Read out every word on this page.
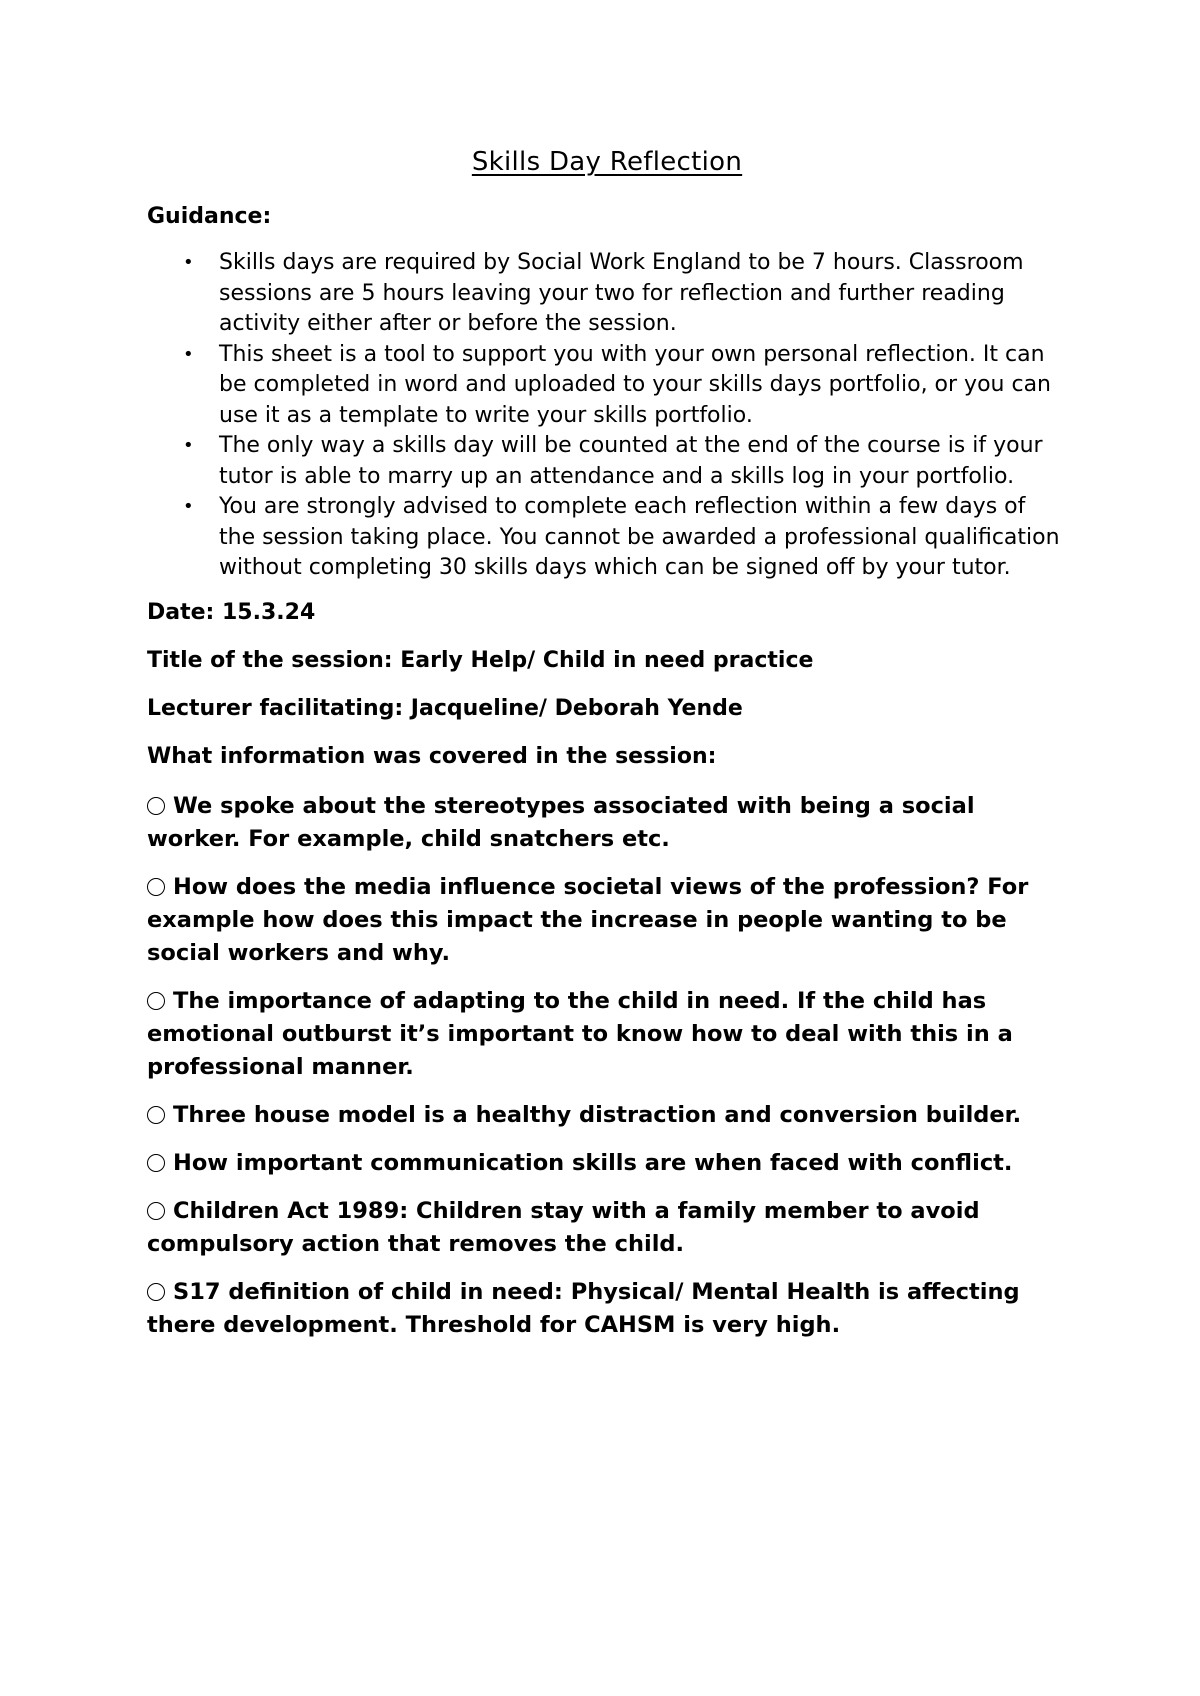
Skills Day Reflection
Guidance:
•	Skills days are required by Social Work England to be 7 hours. Classroom sessions are 5 hours leaving your two for reflection and further reading activity either after or before the session.
•	This sheet is a tool to support you with your own personal reflection. It can be completed in word and uploaded to your skills days portfolio, or you can use it as a template to write your skills portfolio.
•	The only way a skills day will be counted at the end of the course is if your tutor is able to marry up an attendance and a skills log in your portfolio.
•	You are strongly advised to complete each reflection within a few days of the session taking place. You cannot be awarded a professional qualification without completing 30 skills days which can be signed off by your tutor.
Date: 15.3.24
Title of the session: Early Help/ Child in need practice
Lecturer facilitating: Jacqueline/ Deborah Yende
What information was covered in the session:
We spoke about the stereotypes associated with being a social worker. For example, child snatchers etc.
How does the media influence societal views of the profession? For example how does this impact the increase in people wanting to be social workers and why.
The importance of adapting to the child in need. If the child has emotional outburst it’s important to know how to deal with this in a professional manner.
Three house model is a healthy distraction and conversion builder.
How important communication skills are when faced with conflict.
Children Act 1989: Children stay with a family member to avoid compulsory action that removes the child.
S17 definition of child in need: Physical/ Mental Health is affecting there development. Threshold for CAHSM is very high.
